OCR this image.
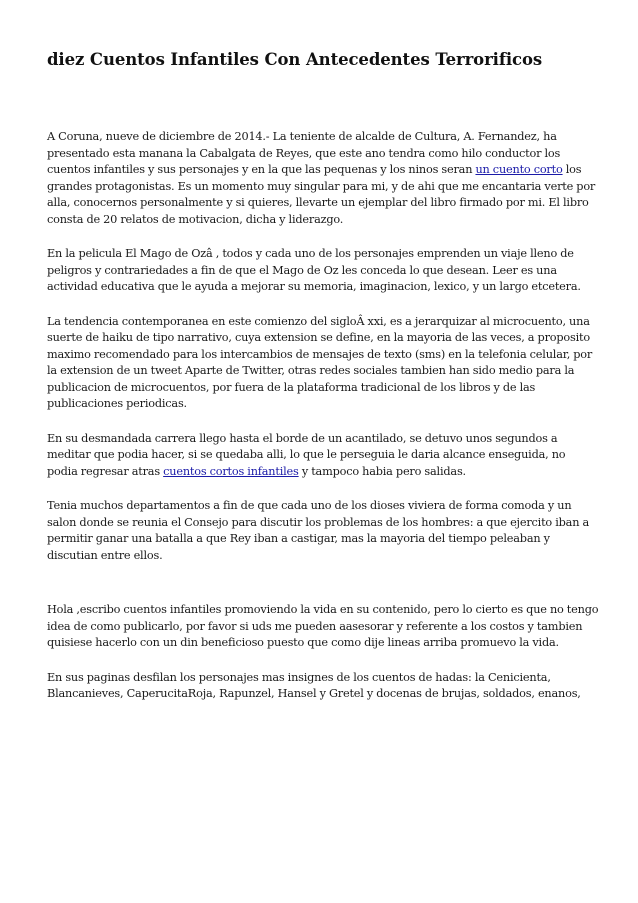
diez Cuentos Infantiles Con Antecedentes Terrorificos

A Coruna, nueve de diciembre de 2014.- La teniente de alcalde de Cultura, A. Fernandez, ha presentado esta manana la Cabalgata de Reyes, que este ano tendra como hilo conductor los cuentos infantiles y sus personajes y en la que las pequenas y los ninos seran un cuento corto los grandes protagonistas. Es un momento muy singular para mi, y de ahi que me encantaria verte por alla, conocernos personalmente y si quieres, llevarte un ejemplar del libro firmado por mi. El libro consta de 20 relatos de motivacion, dicha y liderazgo.

En la pelicula El Mago de Ozâ , todos y cada uno de los personajes emprenden un viaje lleno de peligros y contrariedades a fin de que el Mago de Oz les conceda lo que desean. Leer es una actividad educativa que le ayuda a mejorar su memoria, imaginacion, lexico, y un largo etcetera.

La tendencia contemporanea en este comienzo del sigloÂ xxi, es a jerarquizar al microcuento, una suerte de haiku de tipo narrativo, cuya extension se define, en la mayoria de las veces, a proposito maximo recomendado para los intercambios de mensajes de texto (sms) en la telefonia celular, por la extension de un tweet Aparte de Twitter, otras redes sociales tambien han sido medio para la publicacion de microcuentos, por fuera de la plataforma tradicional de los libros y de las publicaciones periodicas.

En su desmandada carrera llego hasta el borde de un acantilado, se detuvo unos segundos a meditar que podia hacer, si se quedaba alli, lo que le perseguia le daria alcance enseguida, no podia regresar atras cuentos cortos infantiles y tampoco habia pero salidas.

Tenia muchos departamentos a fin de que cada uno de los dioses viviera de forma comoda y un salon donde se reunia el Consejo para discutir los problemas de los hombres: a que ejercito iban a permitir ganar una batalla a que Rey iban a castigar, mas la mayoria del tiempo peleaban y discutian entre ellos.

Hola ,escribo cuentos infantiles promoviendo la vida en su contenido, pero lo cierto es que no tengo idea de como publicarlo, por favor si uds me pueden aasesorar y referente a los costos y tambien quisiese hacerlo con un din beneficioso puesto que como dije lineas arriba promuevo la vida.

En sus paginas desfilan los personajes mas insignes de los cuentos de hadas: la Cenicienta, Blancanieves, CaperucitaRoja, Rapunzel, Hansel y Gretel y docenas de brujas, soldados, enanos,
